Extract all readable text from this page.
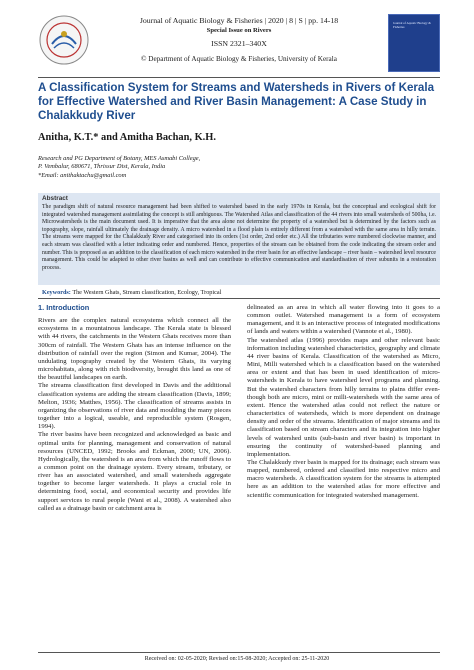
Journal of Aquatic Biology & Fisheries | 2020 | 8 | S | pp. 14-18
Special Issue on Rivers
ISSN 2321–340X
© Department of Aquatic Biology & Fisheries, University of Kerala
Journal of Aquatic Biology & Fisheries
A Classification System for Streams and Watersheds in Rivers of Kerala for Effective Watershed and River Basin Management: A Case Study in Chalakkudy River
Anitha, K.T.* and Amitha Bachan, K.H.
Research and PG Department of Botany, MES Asmabi College,
P. Vembalur, 680671, Thrissur Dist, Kerala, India
*Email: anithaktachu@gmail.com
Abstract
The paradigm shift of natural resource management had been shifted to watershed based in the early 1970s in Kerala, but the conceptual and ecological shift for integrated watershed management assimilating the concept is still ambiguous. The Watershed Atlas and classification of the 44 rivers into small watersheds of 500ha, i.e. Microwatersheds is the main document used. It is imperative that the area alone not determine the property of a watershed but is determined by the factors such as topography, slope, rainfall ultimately the drainage density. A micro watershed in a flood plain is entirely different from a watershed with the same area in hilly terrain. The streams were mapped for the Chalakkudy River and categorised into its orders (1st order, 2nd order etc.) All the tributaries were numbered clockwise manner, and each stream was classified with a letter indicating order and numbered. Hence, properties of the stream can be obtained from the code indicating the stream order and number. This is proposed as an addition to the classification of each micro watershed in the river basin for an effective landscape – river basin – watershed level resource management. This could be adapted to other river basins as well and can contribute to effective communication and standardisation of river subunits in a restoration process.
Keywords: The Western Ghats, Stream classification, Ecology, Tropical
1. Introduction

Rivers are the complex natural ecosystems which connect all the ecosystems in a mountainous landscape. The Kerala state is blessed with 44 rivers, the catchments in the Western Ghats receives more than 300cm of rainfall. The Western Ghats has an intense influence on the distribution of rainfall over the region (Simon and Kumar, 2004). The undulating topography created by the Western Ghats, its varying microhabitats, along with rich biodiversity, brought this land as one of the beautiful landscapes on earth.

The streams classification first developed in Davis and the additional classification systems are adding the stream classification (Davis, 1899; Melton, 1936; Matthes, 1956). The classification of streams assists in organizing the observations of river data and moulding the many pieces together into a logical, useable, and reproducible system (Rosgen, 1994).

The river basins have been recognized and acknowledged as basic and optimal units for planning, management and conservation of natural resources (UNCED, 1992; Brooks and Eckman, 2000; UN, 2006). Hydrologically, the watershed is an area from which the runoff flows to a common point on the drainage system. Every stream, tributary, or river has an associated watershed, and small watersheds aggregate together to become larger watersheds. It plays a crucial role in determining food, social, and economical security and provides life support services to rural people (Wani et al., 2008). A watershed also called as a drainage basin or catchment area is

delineated as an area in which all water flowing into it goes to a common outlet. Watershed management is a form of ecosystem management, and it is an interactive process of integrated modifications of lands and waters within a watershed (Vannote et al., 1980).

The watershed atlas (1996) provides maps and other relevant basic information including watershed characteristics, geography and climate 44 river basins of Kerala. Classification of the watershed as Micro, Mini, Milli watershed which is a classification based on the watershed area or extent and that has been in used identification of micro-watersheds in Kerala to have watershed level programs and planning. But the watershed characters from hilly terrains to plains differ even-though both are micro, mini or milli-watersheds with the same area of extent. Hence the watershed atlas could not reflect the nature or characteristics of watersheds, which is more dependent on drainage density and order of the streams. Identification of major streams and its classification based on stream characters and its integration into higher levels of watershed units (sub-basin and river basin) is important in ensuring the continuity of watershed-based planning and implementation.

The Chalakkudy river basin is mapped for its drainage; each stream was mapped, numbered, ordered and classified into respective micro and macro watersheds. A classification system for the streams is attempted here as an addition to the watershed atlas for more effective and scientific communication for integrated watershed management.

Received on: 02-05-2020; Revised on:15-08-2020; Accepted on: 25-11-2020
